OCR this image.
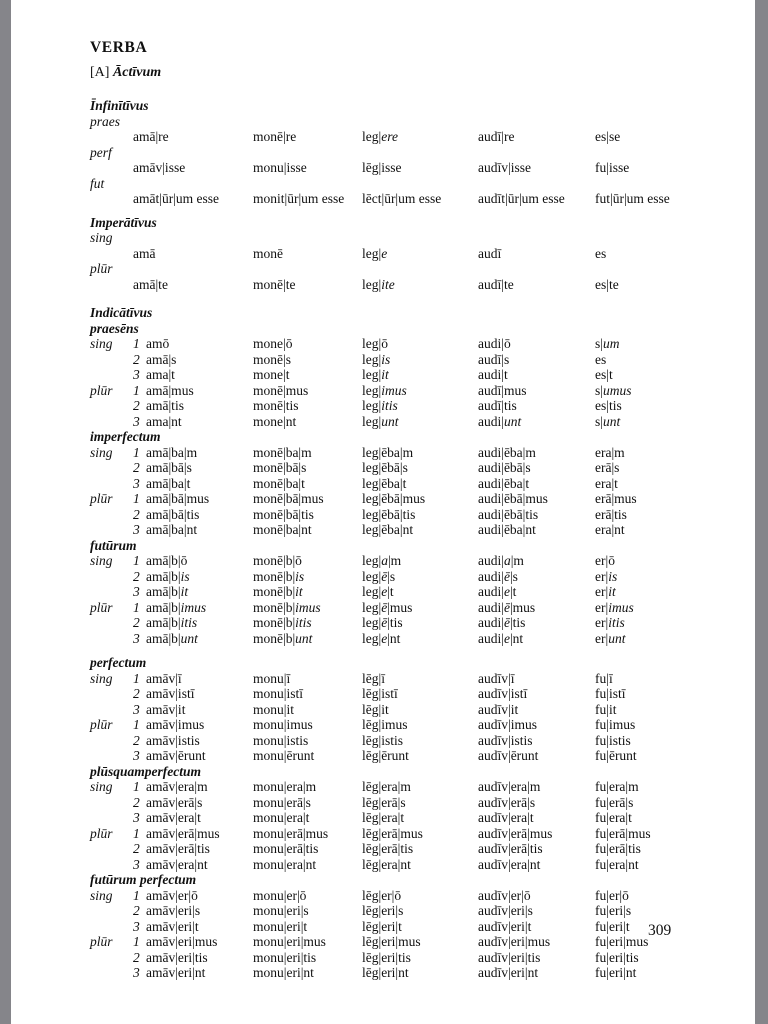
VERBA
[A] Āctīvum
Īnfinītīvus
praes
amā|re	monē|re	leg|ere	audī|re	es|se
perf
amāv|isse	monu|isse	lēg|isse	audīv|isse	fu|isse
fut
amāt|ūr|um esse	monit|ūr|um esse	lēct|ūr|um esse	audīt|ūr|um esse	fut|ūr|um esse
Imperātīvus
sing
amā	monē	leg|e	audī	es
plūr
amā|te	monē|te	leg|ite	audī|te	es|te
Indicātīvus
praesēns
sing	1 amō	mone|ō	leg|ō	audi|ō	s|um
2 amā|s	monē|s	leg|is	audī|s	es
3 ama|t	mone|t	leg|it	audi|t	es|t
plūr	1 amā|mus	monē|mus	leg|imus	audī|mus	s|umus
2 amā|tis	monē|tis	leg|itis	audī|tis	es|tis
3 ama|nt	mone|nt	leg|unt	audi|unt	s|unt
imperfectum
sing	1 amā|ba|m	monē|ba|m	leg|ēba|m	audi|ēba|m	era|m
2 amā|bā|s	monē|bā|s	leg|ēbā|s	audi|ēbā|s	erā|s
3 amā|ba|t	monē|ba|t	leg|ēba|t	audi|ēba|t	era|t
plūr	1 amā|bā|mus	monē|bā|mus	leg|ēbā|mus	audi|ēbā|mus	erā|mus
2 amā|bā|tis	monē|bā|tis	leg|ēbā|tis	audi|ēbā|tis	erā|tis
3 amā|ba|nt	monē|ba|nt	leg|ēba|nt	audi|ēba|nt	era|nt
futūrum
sing	1 amā|b|ō	monē|b|ō	leg|a|m	audi|a|m	er|ō
2 amā|b|is	monē|b|is	leg|ē|s	audi|ē|s	er|is
3 amā|b|it	monē|b|it	leg|e|t	audi|e|t	er|it
plūr	1 amā|b|imus	monē|b|imus	leg|ē|mus	audi|ē|mus	er|imus
2 amā|b|itis	monē|b|itis	leg|ē|tis	audi|ē|tis	er|itis
3 amā|b|unt	monē|b|unt	leg|e|nt	audi|e|nt	er|unt
perfectum
sing	1 amāv|ī	monu|ī	lēg|ī	audīv|ī	fu|ī
2 amāv|istī	monu|istī	lēg|istī	audīv|istī	fu|istī
3 amāv|it	monu|it	lēg|it	audīv|it	fu|it
plūr	1 amāv|imus	monu|imus	lēg|imus	audīv|imus	fu|imus
2 amāv|istis	monu|istis	lēg|istis	audīv|istis	fu|istis
3 amāv|ērunt	monu|ērunt	lēg|ērunt	audīv|ērunt	fu|ērunt
plūsquamperfectum
sing	1 amāv|era|m	monu|era|m	lēg|era|m	audīv|era|m	fu|era|m
2 amāv|erā|s	monu|erā|s	lēg|erā|s	audīv|erā|s	fu|erā|s
3 amāv|era|t	monu|era|t	lēg|era|t	audīv|era|t	fu|era|t
plūr	1 amāv|erā|mus	monu|erā|mus	lēg|erā|mus	audīv|erā|mus	fu|erā|mus
2 amāv|erā|tis	monu|erā|tis	lēg|erā|tis	audīv|erā|tis	fu|erā|tis
3 amāv|era|nt	monu|era|nt	lēg|era|nt	audīv|era|nt	fu|era|nt
futūrum perfectum
sing	1 amāv|er|ō	monu|er|ō	lēg|er|ō	audīv|er|ō	fu|er|ō
2 amāv|eri|s	monu|eri|s	lēg|eri|s	audīv|eri|s	fu|eri|s
3 amāv|eri|t	monu|eri|t	lēg|eri|t	audīv|eri|t	fu|eri|t
plūr	1 amāv|eri|mus	monu|eri|mus	lēg|eri|mus	audīv|eri|mus	fu|eri|mus
2 amāv|eri|tis	monu|eri|tis	lēg|eri|tis	audīv|eri|tis	fu|eri|tis
3 amāv|eri|nt	monu|eri|nt	lēg|eri|nt	audīv|eri|nt	fu|eri|nt
309
